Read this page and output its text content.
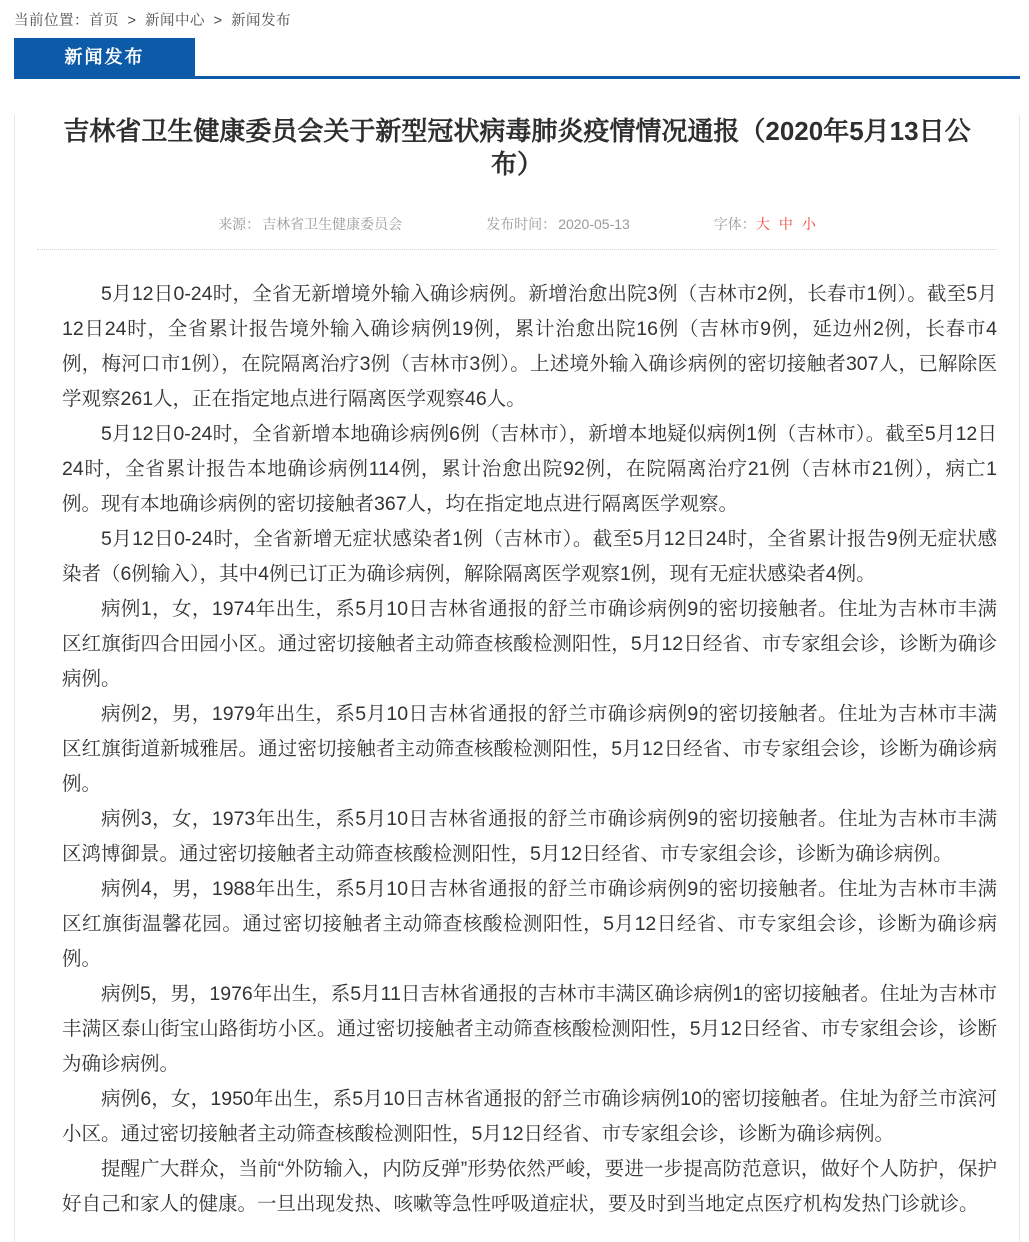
当前位置：首页 > 新闻中心 > 新闻发布
新闻发布
吉林省卫生健康委员会关于新型冠状病毒肺炎疫情情况通报（2020年5月13日公布）
来源： 吉林省卫生健康委员会	发布时间： 2020-05-13	字体： 大 中 小

5月12日0-24时，全省无新增境外输入确诊病例。新增治愈出院3例（吉林市2例，长春市1例）。截至5月12日24时，全省累计报告境外输入确诊病例19例，累计治愈出院16例（吉林市9例，延边州2例，长春市4例，梅河口市1例），在院隔离治疗3例（吉林市3例）。上述境外输入确诊病例的密切接触者307人，已解除医学观察261人，正在指定地点进行隔离医学观察46人。

5月12日0-24时，全省新增本地确诊病例6例（吉林市），新增本地疑似病例1例（吉林市）。截至5月12日24时，全省累计报告本地确诊病例114例，累计治愈出院92例，在院隔离治疗21例（吉林市21例），病亡1例。现有本地确诊病例的密切接触者367人，均在指定地点进行隔离医学观察。

5月12日0-24时，全省新增无症状感染者1例（吉林市）。截至5月12日24时，全省累计报告9例无症状感染者（6例输入），其中4例已订正为确诊病例，解除隔离医学观察1例，现有无症状感染者4例。

病例1，女，1974年出生，系5月10日吉林省通报的舒兰市确诊病例9的密切接触者。住址为吉林市丰满区红旗街四合田园小区。通过密切接触者主动筛查核酸检测阳性，5月12日经省、市专家组会诊，诊断为确诊病例。

病例2，男，1979年出生，系5月10日吉林省通报的舒兰市确诊病例9的密切接触者。住址为吉林市丰满区红旗街道新城雅居。通过密切接触者主动筛查核酸检测阳性，5月12日经省、市专家组会诊，诊断为确诊病例。

病例3，女，1973年出生，系5月10日吉林省通报的舒兰市确诊病例9的密切接触者。住址为吉林市丰满区鸿博御景。通过密切接触者主动筛查核酸检测阳性，5月12日经省、市专家组会诊，诊断为确诊病例。

病例4，男，1988年出生，系5月10日吉林省通报的舒兰市确诊病例9的密切接触者。住址为吉林市丰满区红旗街温馨花园。通过密切接触者主动筛查核酸检测阳性，5月12日经省、市专家组会诊，诊断为确诊病例。

病例5，男，1976年出生，系5月11日吉林省通报的吉林市丰满区确诊病例1的密切接触者。住址为吉林市丰满区泰山街宝山路街坊小区。通过密切接触者主动筛查核酸检测阳性，5月12日经省、市专家组会诊，诊断为确诊病例。

病例6，女，1950年出生，系5月10日吉林省通报的舒兰市确诊病例10的密切接触者。住址为舒兰市滨河小区。通过密切接触者主动筛查核酸检测阳性，5月12日经省、市专家组会诊，诊断为确诊病例。

提醒广大群众，当前“外防输入，内防反弹”形势依然严峻，要进一步提高防范意识，做好个人防护，保护好自己和家人的健康。一旦出现发热、咳嗽等急性呼吸道症状，要及时到当地定点医疗机构发热门诊就诊。
